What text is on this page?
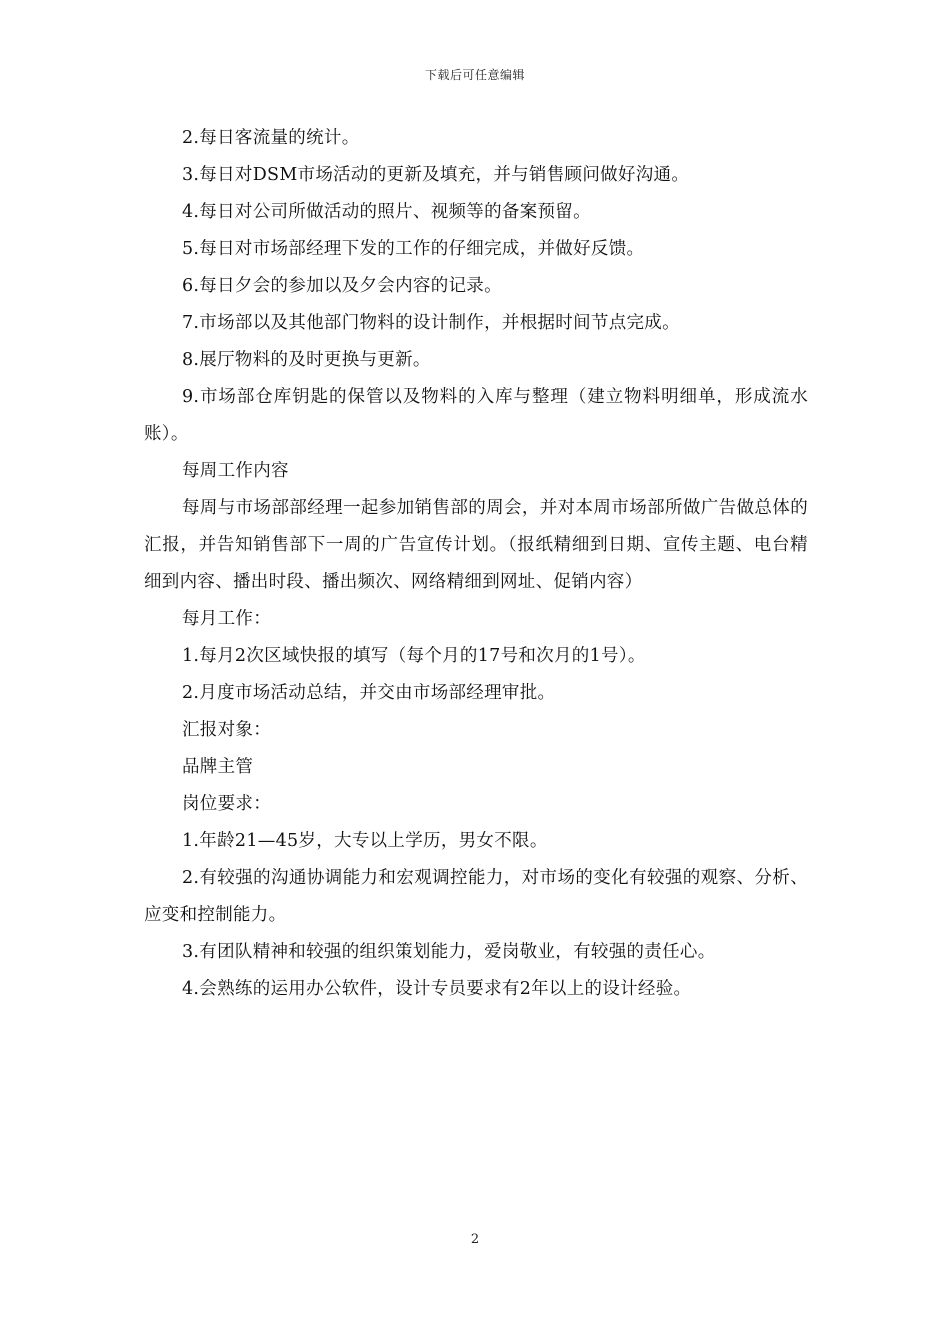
下载后可任意编辑

2.每日客流量的统计。

3.每日对DSM市场活动的更新及填充，并与销售顾问做好沟通。

4.每日对公司所做活动的照片、视频等的备案预留。

5.每日对市场部经理下发的工作的仔细完成，并做好反馈。

6.每日夕会的参加以及夕会内容的记录。

7.市场部以及其他部门物料的设计制作，并根据时间节点完成。

8.展厅物料的及时更换与更新。

9.市场部仓库钥匙的保管以及物料的入库与整理（建立物料明细单，形成流水账）。

每周工作内容

每周与市场部部经理一起参加销售部的周会，并对本周市场部所做广告做总体的汇报，并告知销售部下一周的广告宣传计划。（报纸精细到日期、宣传主题、电台精细到内容、播出时段、播出频次、网络精细到网址、促销内容）

每月工作：

1.每月2次区域快报的填写（每个月的17号和次月的1号）。

2.月度市场活动总结，并交由市场部经理审批。

汇报对象：

品牌主管

岗位要求：

1.年龄21—45岁，大专以上学历，男女不限。

2.有较强的沟通协调能力和宏观调控能力，对市场的变化有较强的观察、分析、应变和控制能力。

3.有团队精神和较强的组织策划能力，爱岗敬业，有较强的责任心。

4.会熟练的运用办公软件，设计专员要求有2年以上的设计经验。

2
